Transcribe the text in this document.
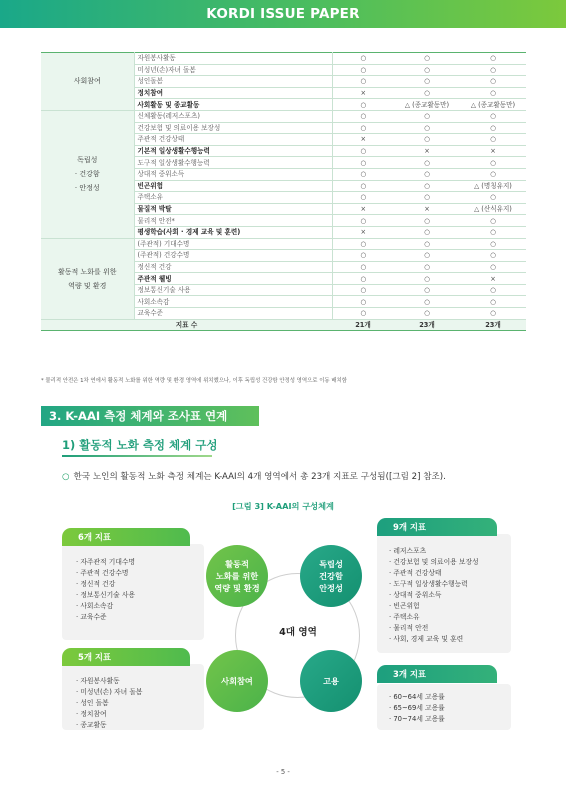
KORDI ISSUE PAPER
사회참여	자원봉사활동	○	○	○
	미성년(손)자녀 돌봄	○	○	○
	성인돌봄	○	○	○
	정치참여	×	○	○
	사회활동 및 종교활동	○	△ (종교활동만)	△ (종교활동만)
독립성
· 건강함
· 안정성	신체활동(레저스포츠)	○	○	○
	건강보험 및 의료이용 보장성	○	○	○
	주관적 건강상태	×	○	○
	기본적 일상생활수행능력	○	×	×
	도구적 일상생활수행능력	○	○	○
	상대적 중위소득	○	○	○
	빈곤위험	○	○	△ (명칭유지)
	주택소유	○	○	○
	물질적 박탈	×	×	△ (산식유지)
	물리적 안전*	○	○	○
	평생학습(사회 · 경제 교육 및 훈련)	×	○	○
활동적 노화를 위한
역량 및 환경	(주관적) 기대수명	○	○	○
	(주관적) 건강수명	○	○	○
	정신적 건강	○	○	○
	주관적 웰빙	○	○	×
	정보통신기술 사용	○	○	○
	사회소속감	○	○	○
	교육수준	○	○	○
지표 수		21개	23개	23개
* 물리적 안전은 1차 연에서 활동적 노화를 위한 역량 및 환경 영역에 위치했으나, 이후 독립성 건강함 안정성 영역으로 이동 배치함
3. K-AAI 측정 체계와 조사표 연계
1) 활동적 노화 측정 체계 구성
○ 한국 노인의 활동적 노화 측정 체계는 K-AAI의 4개 영역에서 총 23개 지표로 구성됨([그림 2] 참조).
[그림 3] K-AAI의 구성체계
6개 지표
· 자주관적 기대수명
· 주관적 건강수명
· 정신적 건강
· 정보통신기술 사용
· 사회소속감
· 교육수준
5개 지표
· 자원봉사활동
· 미성년(손) 자녀 돌봄
· 성인 돌봄
· 정치참여
· 종교활동
9개 지표
· 레저스포츠
· 건강보험 및 의료이용 보장성
· 주관적 건강상태
· 도구적 일상생활수행능력
· 상대적 중위소득
· 빈곤위험
· 주택소유
· 물리적 안전
· 사회, 경제 교육 및 훈련
3개 지표
· 60~64세 고용률
· 65~69세 고용률
· 70~74세 고용률
활동적
노화를 위한
역량 및 환경
독립성
건강함
안정성
사회참여	고용
4대 영역
- 5 -
